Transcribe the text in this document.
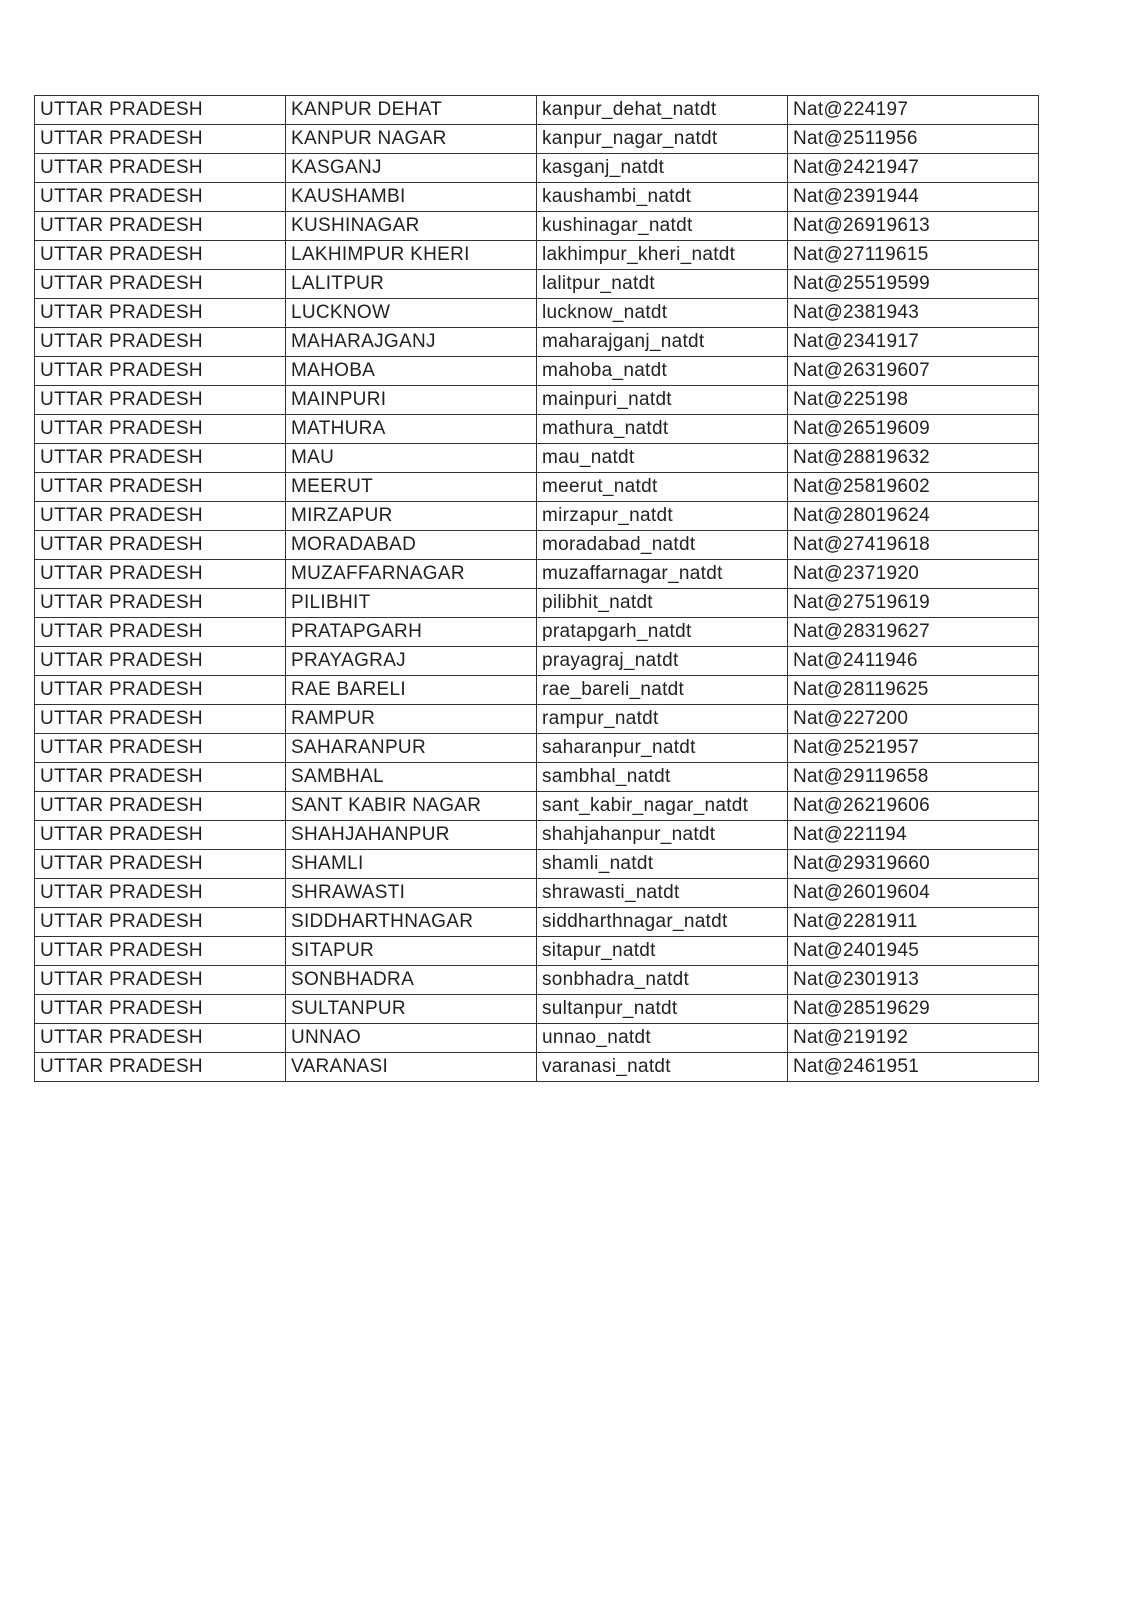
UTTAR PRADESH	KANPUR DEHAT	kanpur_dehat_natdt	Nat@224197
UTTAR PRADESH	KANPUR NAGAR	kanpur_nagar_natdt	Nat@2511956
UTTAR PRADESH	KASGANJ	kasganj_natdt	Nat@2421947
UTTAR PRADESH	KAUSHAMBI	kaushambi_natdt	Nat@2391944
UTTAR PRADESH	KUSHINAGAR	kushinagar_natdt	Nat@26919613
UTTAR PRADESH	LAKHIMPUR KHERI	lakhimpur_kheri_natdt	Nat@27119615
UTTAR PRADESH	LALITPUR	lalitpur_natdt	Nat@25519599
UTTAR PRADESH	LUCKNOW	lucknow_natdt	Nat@2381943
UTTAR PRADESH	MAHARAJGANJ	maharajganj_natdt	Nat@2341917
UTTAR PRADESH	MAHOBA	mahoba_natdt	Nat@26319607
UTTAR PRADESH	MAINPURI	mainpuri_natdt	Nat@225198
UTTAR PRADESH	MATHURA	mathura_natdt	Nat@26519609
UTTAR PRADESH	MAU	mau_natdt	Nat@28819632
UTTAR PRADESH	MEERUT	meerut_natdt	Nat@25819602
UTTAR PRADESH	MIRZAPUR	mirzapur_natdt	Nat@28019624
UTTAR PRADESH	MORADABAD	moradabad_natdt	Nat@27419618
UTTAR PRADESH	MUZAFFARNAGAR	muzaffarnagar_natdt	Nat@2371920
UTTAR PRADESH	PILIBHIT	pilibhit_natdt	Nat@27519619
UTTAR PRADESH	PRATAPGARH	pratapgarh_natdt	Nat@28319627
UTTAR PRADESH	PRAYAGRAJ	prayagraj_natdt	Nat@2411946
UTTAR PRADESH	RAE BARELI	rae_bareli_natdt	Nat@28119625
UTTAR PRADESH	RAMPUR	rampur_natdt	Nat@227200
UTTAR PRADESH	SAHARANPUR	saharanpur_natdt	Nat@2521957
UTTAR PRADESH	SAMBHAL	sambhal_natdt	Nat@29119658
UTTAR PRADESH	SANT KABIR NAGAR	sant_kabir_nagar_natdt	Nat@26219606
UTTAR PRADESH	SHAHJAHANPUR	shahjahanpur_natdt	Nat@221194
UTTAR PRADESH	SHAMLI	shamli_natdt	Nat@29319660
UTTAR PRADESH	SHRAWASTI	shrawasti_natdt	Nat@26019604
UTTAR PRADESH	SIDDHARTHNAGAR	siddharthnagar_natdt	Nat@2281911
UTTAR PRADESH	SITAPUR	sitapur_natdt	Nat@2401945
UTTAR PRADESH	SONBHADRA	sonbhadra_natdt	Nat@2301913
UTTAR PRADESH	SULTANPUR	sultanpur_natdt	Nat@28519629
UTTAR PRADESH	UNNAO	unnao_natdt	Nat@219192
UTTAR PRADESH	VARANASI	varanasi_natdt	Nat@2461951
